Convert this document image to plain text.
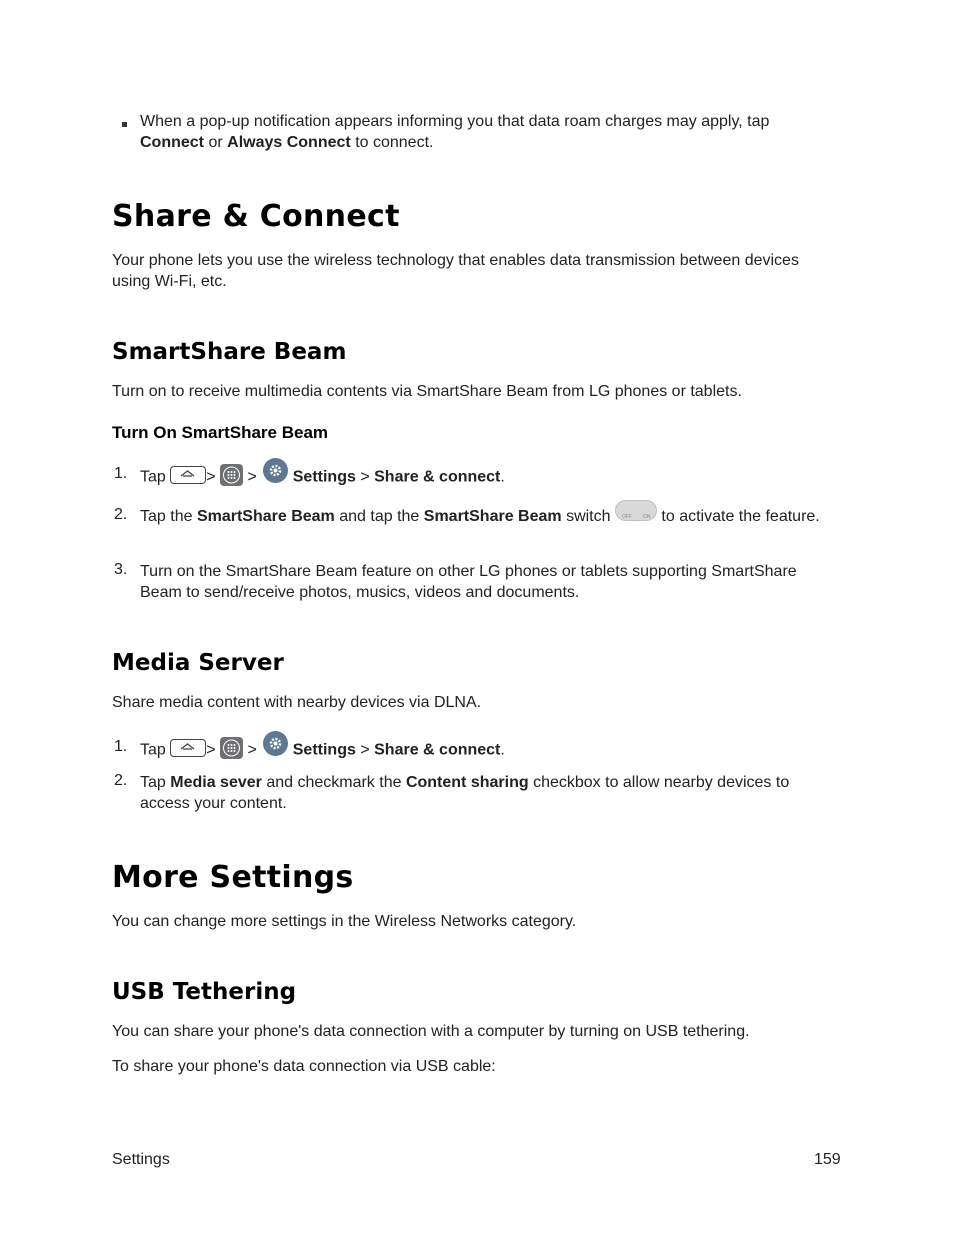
When a pop-up notification appears informing you that data roam charges may apply, tap
Connect or Always Connect to connect.

Share & Connect

Your phone lets you use the wireless technology that enables data transmission between devices using Wi-Fi, etc.

SmartShare Beam

Turn on to receive multimedia contents via SmartShare Beam from LG phones or tablets.

Turn On SmartShare Beam
1. Tap	> > Settings > Share & connect.
2. Tap the SmartShare Beam and tap the SmartShare Beam switch OFF ON to activate the feature.
3. Turn on the SmartShare Beam feature on other LG phones or tablets supporting SmartShare Beam to send/receive photos, musics, videos and documents.

Media Server

Share media content with nearby devices via DLNA.

1. Tap	> > Settings > Share & connect.
2. Tap Media sever and checkmark the Content sharing checkbox to allow nearby devices to access your content.
More Settings

You can change more settings in the Wireless Networks category.

USB Tethering

You can share your phone's data connection with a computer by turning on USB tethering.

To share your phone's data connection via USB cable:

Settings	159
